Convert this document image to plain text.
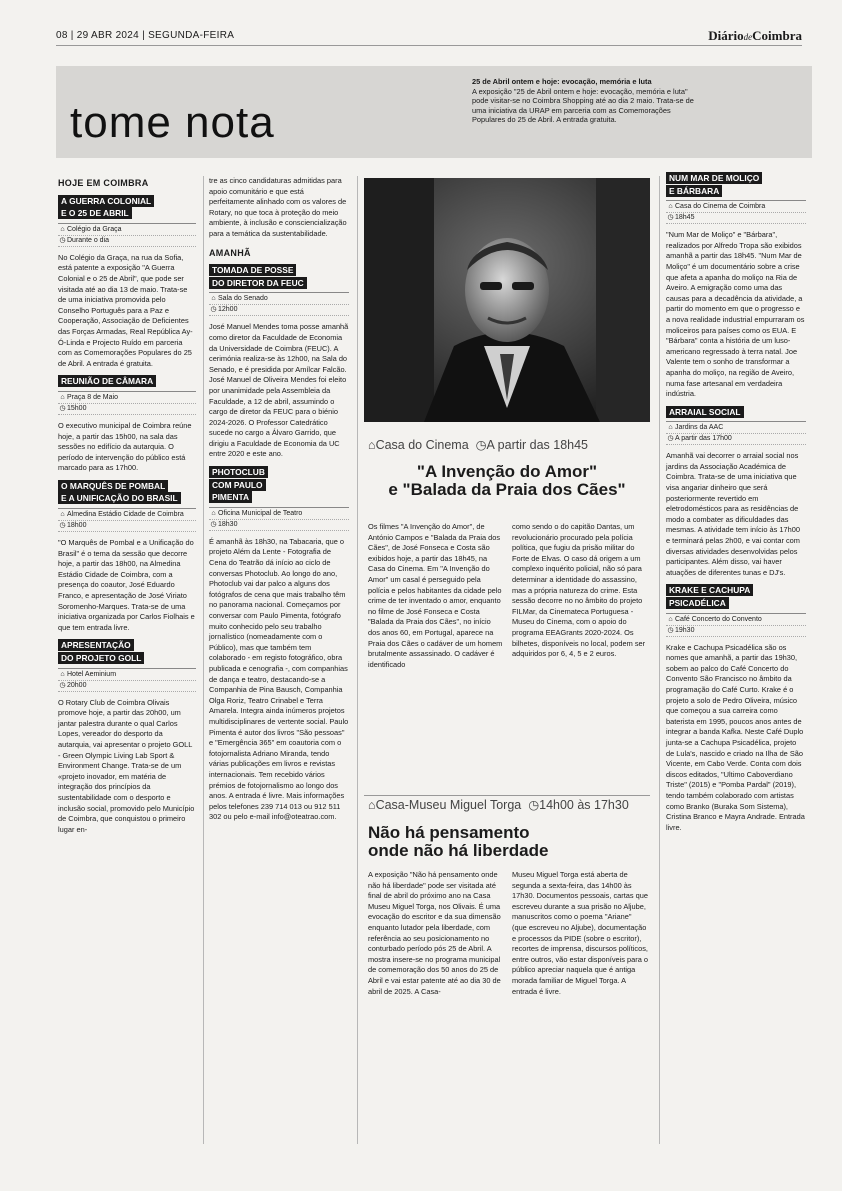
08 | 29 ABR 2024 | SEGUNDA-FEIRA	DiáriodeCoimbra
tome nota
25 de Abril ontem e hoje: evocação, memória e luta
A exposição "25 de Abril ontem e hoje: evocação, memória e luta" pode visitar-se no Coimbra Shopping até ao dia 2 maio. Trata-se de uma iniciativa da URAP em parceria com as Comemorações Populares do 25 de Abril. A entrada gratuita.
HOJE EM COIMBRA
A GUERRA COLONIAL
E O 25 DE ABRIL
⌂ Colégio da Graça
◷Durante o dia

No Colégio da Graça, na rua da Sofia, está patente a exposição "A Guerra Colonial e o 25 de Abril", que pode ser visitada até ao dia 13 de maio. Trata-se de uma iniciativa promovida pelo Conselho Português para a Paz e Cooperação, Associação de Deficientes das Forças Armadas, Real República Ay-Ó-Linda e Projecto Ruído em parceria com as Comemorações Populares do 25 de Abril. A entrada é gratuita.

REUNIÃO DE CÂMARA
⌂ Praça 8 de Maio
◷15h00

O executivo municipal de Coimbra reúne hoje, a partir das 15h00, na sala das sessões no edifício da autarquia. O período de intervenção do público está marcado para as 17h00.

O MARQUÊS DE POMBAL
E A UNIFICAÇÃO DO BRASIL
⌂ Almedina Estádio Cidade de Coimbra
◷18h00

"O Marquês de Pombal e a Unificação do Brasil" é o tema da sessão que decorre hoje, a partir das 18h00, na Almedina Estádio Cidade de Coimbra, com a presença do coautor, José Eduardo Franco, e apresentação de José Viriato Soromenho-Marques. Trata-se de uma iniciativa organizada por Carlos Fiolhais e que tem entrada livre.

APRESENTAÇÃO
DO PROJETO GOLL
⌂ Hotel Aeminium
◷20h00

O Rotary Club de Coimbra Olivais promove hoje, a partir das 20h00, um jantar palestra durante o qual Carlos Lopes, vereador do desporto da autarquia, vai apresentar o projeto GOLL - Green Olympic Living Lab Sport & Environment Change. Trata-se de um «projeto inovador, em matéria de integração dos princípios da sustentabilidade com o desporto e inclusão social, promovido pelo Município de Coimbra, que conquistou o primeiro lugar en-

tre as cinco candidaturas admitidas para apoio comunitário e que está perfeitamente alinhado com os valores de Rotary, no que toca à proteção do meio ambiente, à inclusão e consciencialização para a temática da sustentabilidade.

AMANHÃ
TOMADA DE POSSE
DO DIRETOR DA FEUC
⌂ Sala do Senado
◷12h00

José Manuel Mendes toma posse amanhã como diretor da Faculdade de Economia da Universidade de Coimbra (FEUC). A cerimónia realiza-se às 12h00, na Sala do Senado, e é presidida por Amílcar Falcão. José Manuel de Oliveira Mendes foi eleito por unanimidade pela Assembleia da Faculdade, a 12 de abril, assumindo o cargo de diretor da FEUC para o biénio 2024-2026. O Professor Catedrático sucede no cargo a Álvaro Garrido, que dirigiu a Faculdade de Economia da UC entre 2020 e este ano.

PHOTOCLUB
COM PAULO
PIMENTA
⌂ Oficina Municipal de Teatro
◷18h30

É amanhã às 18h30, na Tabacaria, que o projeto Além da Lente - Fotografia de Cena do Teatrão dá início ao ciclo de conversas Photoclub. Ao longo do ano, Photoclub vai dar palco a alguns dos fotógrafos de cena que mais trabalho têm no panorama nacional. Começamos por conversar com Paulo Pimenta, fotógrafo muito conhecido pelo seu trabalho jornalístico (nomeadamente com o Público), mas que também tem colaborado - em registo fotográfico, obra publicada e cenografia -, com companhias de dança e teatro, destacando-se a Companhia de Pina Bausch, Companhia Olga Roriz, Teatro Crinabel e Terra Amarela. Integra ainda inúmeros projetos multidisciplinares de vertente social. Paulo Pimenta é autor dos livros "São pessoas" e "Emergência 365" em coautoria com o fotojornalista Adriano Miranda, tendo várias publicações em livros e revistas internacionais. Tem recebido vários prémios de fotojornalismo ao longo dos anos. A entrada é livre. Mais informações pelos telefones 239 714 013 ou 912 511 302 ou pelo e-mail info@oteatrao.com.

⌂Casa do Cinema  ◷A partir das 18h45
"A Invenção do Amor"
e "Balada da Praia dos Cães"
Os filmes "A Invenção do Amor", de António Campos e "Balada da Praia dos Cães", de José Fonseca e Costa são exibidos hoje, a partir das 18h45, na Casa do Cinema. Em "A Invenção do Amor" um casal é perseguido pela polícia e pelos habitantes da cidade pelo crime de ter inventado o amor, enquanto no filme de José Fonseca e Costa "Balada da Praia dos Cães", no início dos anos 60, em Portugal, aparece na Praia dos Cães o cadáver de um homem brutalmente assassinado. O cadáver é identificado
como sendo o do capitão Dantas, um revolucionário procurado pela polícia política, que fugiu da prisão militar do Forte de Elvas. O caso dá origem a um complexo inquérito policial, não só para determinar a identidade do assassino, mas a própria natureza do crime. Esta sessão decorre no no âmbito do projeto FILMar, da Cinemateca Portuguesa - Museu do Cinema, com o apoio do programa EEAGrants 2020-2024. Os bilhetes, disponíveis no local, podem ser adquiridos por 6, 4, 5 e 2 euros.
⌂Casa-Museu Miguel Torga  ◷14h00 às 17h30
Não há pensamento
onde não há liberdade
A exposição "Não há pensamento onde não há liberdade" pode ser visitada até final de abril do próximo ano na Casa Museu Miguel Torga, nos Olivais. É uma evocação do escritor e da sua dimensão enquanto lutador pela liberdade, com referência ao seu posicionamento no conturbado período pós 25 de Abril. A mostra insere-se no programa municipal de comemoração dos 50 anos do 25 de Abril e vai estar patente até ao dia 30 de abril de 2025. A Casa-
Museu Miguel Torga está aberta de segunda a sexta-feira, das 14h00 às 17h30. Documentos pessoais, cartas que escreveu durante a sua prisão no Aljube, manuscritos como o poema "Ariane" (que escreveu no Aljube), documentação e processos da PIDE (sobre o escritor), recortes de imprensa, discursos políticos, entre outros, vão estar disponíveis para o público apreciar naquela que é antiga morada familiar de Miguel Torga. A entrada é livre.
NUM MAR DE MOLIÇO
E BÁRBARA
⌂ Casa do Cinema de Coimbra
◷18h45

"Num Mar de Moliço" e "Bárbara", realizados por Alfredo Tropa são exibidos amanhã a partir das 18h45. "Num Mar de Moliço" é um documentário sobre a crise que afeta a apanha do moliço na Ria de Aveiro. A emigração como uma das causas para a decadência da atividade, a partir do momento em que o progresso e a nova realidade industrial empurraram os moliceiros para países como os EUA. E "Bárbara" conta a história de um luso-americano regressado à terra natal. Joe Valente tem o sonho de transformar a apanha do moliço, na região de Aveiro, numa fase artesanal em verdadeira indústria.

ARRAIAL SOCIAL
⌂ Jardins da AAC
◷A partir das 17h00

Amanhã vai decorrer o arraial social nos jardins da Associação Académica de Coimbra. Trata-se de uma iniciativa que visa angariar dinheiro que será posteriormente revertido em eletrodomésticos para as residências de modo a combater as dificuldades das mesmas. A atividade tem início às 17h00 e terminará pelas 2h00, e vai contar com diversas atividades desenvolvidas pelos participantes. Além disso, vai haver atuações de diferentes tunas e DJ's.

KRAKE E CACHUPA
PSICADÉLICA
⌂ Café Concerto do Convento
◷19h30

Krake e Cachupa Psicadélica são os nomes que amanhã, a partir das 19h30, sobem ao palco do Café Concerto do Convento São Francisco no âmbito da programação do Café Curto. Krake é o projeto a solo de Pedro Oliveira, músico que começou a sua carreira como baterista em 1995, poucos anos antes de integrar a banda Kafka. Neste Café Duplo junta-se a Cachupa Psicadélica, projeto de Lula's, nascido e criado na Ilha de São Vicente, em Cabo Verde. Conta com dois discos editados, "Ultimo Caboverdiano Triste" (2015) e "Pomba Pardal" (2019), tendo também colaborado com artistas como Branko (Buraka Som Sistema), Cristina Branco e Mayra Andrade. Entrada livre.
